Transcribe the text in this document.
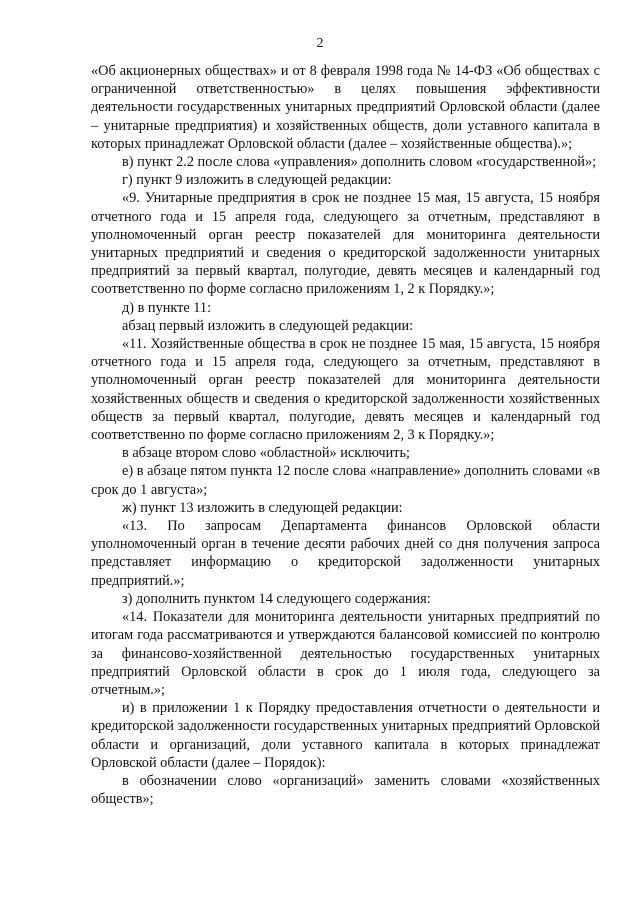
2

«Об акционерных обществах» и от 8 февраля 1998 года № 14-ФЗ «Об обществах с ограниченной ответственностью» в целях повышения эффективности деятельности государственных унитарных предприятий Орловской области (далее – унитарные предприятия) и хозяйственных обществ, доли уставного капитала в которых принадлежат Орловской области (далее – хозяйственные общества).»;

в) пункт 2.2 после слова «управления» дополнить словом «государственной»;

г) пункт 9 изложить в следующей редакции:

«9. Унитарные предприятия в срок не позднее 15 мая, 15 августа, 15 ноября отчетного года и 15 апреля года, следующего за отчетным, представляют в уполномоченный орган реестр показателей для мониторинга деятельности унитарных предприятий и сведения о кредиторской задолженности унитарных предприятий за первый квартал, полугодие, девять месяцев и календарный год соответственно по форме согласно приложениям 1, 2 к Порядку.»;

д) в пункте 11:

абзац первый изложить в следующей редакции:

«11. Хозяйственные общества в срок не позднее 15 мая, 15 августа, 15 ноября отчетного года и 15 апреля года, следующего за отчетным, представляют в уполномоченный орган реестр показателей для мониторинга деятельности хозяйственных обществ и сведения о кредиторской задолженности хозяйственных обществ за первый квартал, полугодие, девять месяцев и календарный год соответственно по форме согласно приложениям 2, 3 к Порядку.»;

в абзаце втором слово «областной» исключить;

е) в абзаце пятом пункта 12 после слова «направление» дополнить словами «в срок до 1 августа»;

ж) пункт 13 изложить в следующей редакции:

«13. По запросам Департамента финансов Орловской области уполномоченный орган в течение десяти рабочих дней со дня получения запроса представляет информацию о кредиторской задолженности унитарных предприятий.»;

з) дополнить пунктом 14 следующего содержания:

«14. Показатели для мониторинга деятельности унитарных предприятий по итогам года рассматриваются и утверждаются балансовой комиссией по контролю за финансово-хозяйственной деятельностью государственных унитарных предприятий Орловской области в срок до 1 июля года, следующего за отчетным.»;

и) в приложении 1 к Порядку предоставления отчетности о деятельности и кредиторской задолженности государственных унитарных предприятий Орловской области и организаций, доли уставного капитала в которых принадлежат Орловской области (далее – Порядок):

в обозначении слово «организаций» заменить словами «хозяйственных обществ»;
